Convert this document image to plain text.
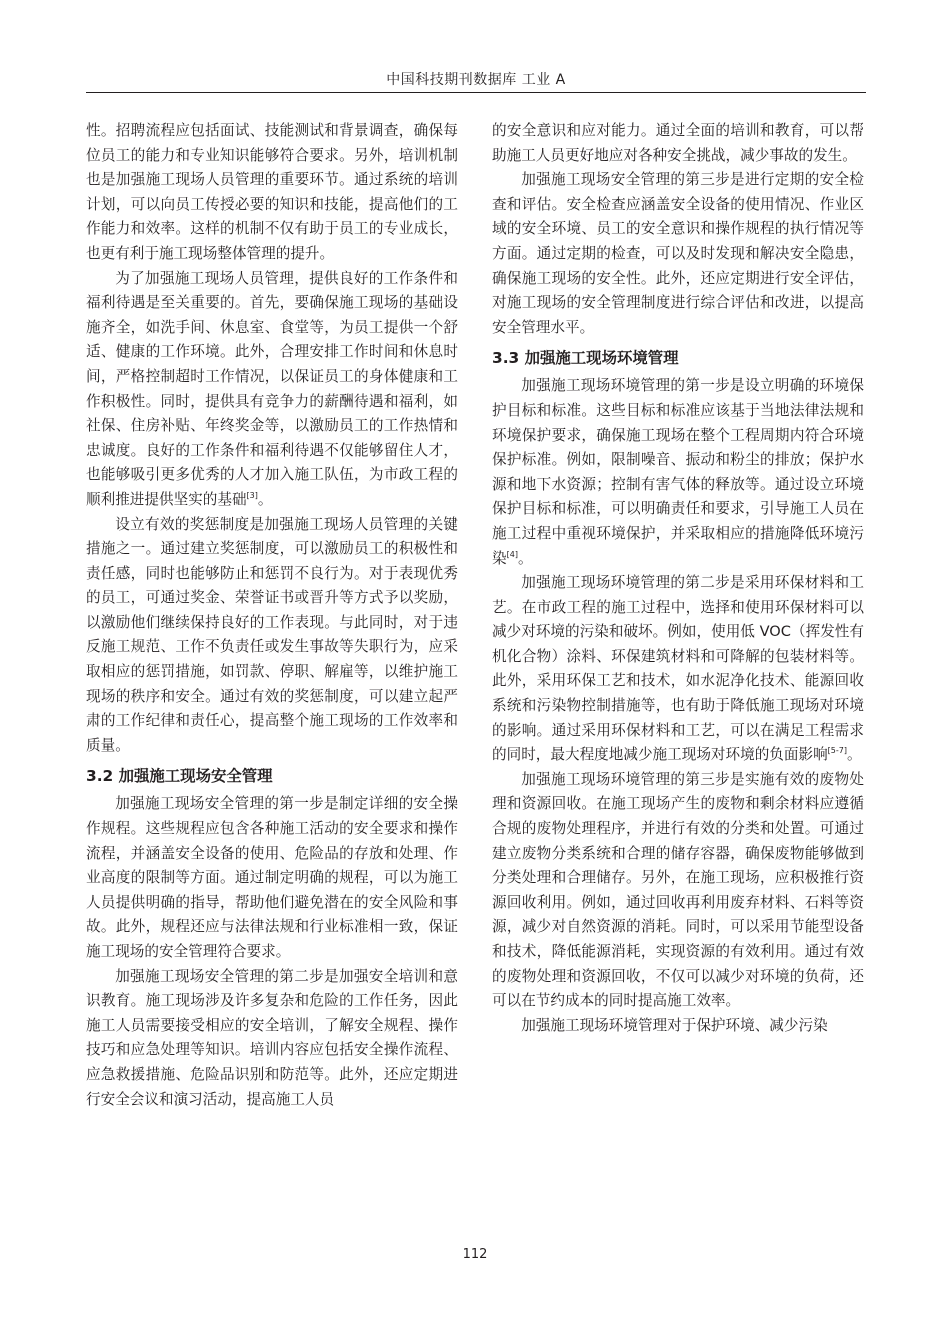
中国科技期刊数据库 工业 A

性。招聘流程应包括面试、技能测试和背景调查，确保每位员工的能力和专业知识能够符合要求。另外，培训机制也是加强施工现场人员管理的重要环节。通过系统的培训计划，可以向员工传授必要的知识和技能，提高他们的工作能力和效率。这样的机制不仅有助于员工的专业成长，也更有利于施工现场整体管理的提升。

为了加强施工现场人员管理，提供良好的工作条件和福利待遇是至关重要的。首先，要确保施工现场的基础设施齐全，如洗手间、休息室、食堂等，为员工提供一个舒适、健康的工作环境。此外，合理安排工作时间和休息时间，严格控制超时工作情况，以保证员工的身体健康和工作积极性。同时，提供具有竞争力的薪酬待遇和福利，如社保、住房补贴、年终奖金等，以激励员工的工作热情和忠诚度。良好的工作条件和福利待遇不仅能够留住人才，也能够吸引更多优秀的人才加入施工队伍，为市政工程的顺利推进提供坚实的基础[3]。

设立有效的奖惩制度是加强施工现场人员管理的关键措施之一。通过建立奖惩制度，可以激励员工的积极性和责任感，同时也能够防止和惩罚不良行为。对于表现优秀的员工，可通过奖金、荣誉证书或晋升等方式予以奖励，以激励他们继续保持良好的工作表现。与此同时，对于违反施工规范、工作不负责任或发生事故等失职行为，应采取相应的惩罚措施，如罚款、停职、解雇等，以维护施工现场的秩序和安全。通过有效的奖惩制度，可以建立起严肃的工作纪律和责任心，提高整个施工现场的工作效率和质量。

3.2 加强施工现场安全管理

加强施工现场安全管理的第一步是制定详细的安全操作规程。这些规程应包含各种施工活动的安全要求和操作流程，并涵盖安全设备的使用、危险品的存放和处理、作业高度的限制等方面。通过制定明确的规程，可以为施工人员提供明确的指导，帮助他们避免潜在的安全风险和事故。此外，规程还应与法律法规和行业标准相一致，保证施工现场的安全管理符合要求。

加强施工现场安全管理的第二步是加强安全培训和意识教育。施工现场涉及许多复杂和危险的工作任务，因此施工人员需要接受相应的安全培训，了解安全规程、操作技巧和应急处理等知识。培训内容应包括安全操作流程、应急救援措施、危险品识别和防范等。此外，还应定期进行安全会议和演习活动，提高施工人员

的安全意识和应对能力。通过全面的培训和教育，可以帮助施工人员更好地应对各种安全挑战，减少事故的发生。

加强施工现场安全管理的第三步是进行定期的安全检查和评估。安全检查应涵盖安全设备的使用情况、作业区域的安全环境、员工的安全意识和操作规程的执行情况等方面。通过定期的检查，可以及时发现和解决安全隐患，确保施工现场的安全性。此外，还应定期进行安全评估，对施工现场的安全管理制度进行综合评估和改进，以提高安全管理水平。

3.3 加强施工现场环境管理

加强施工现场环境管理的第一步是设立明确的环境保护目标和标准。这些目标和标准应该基于当地法律法规和环境保护要求，确保施工现场在整个工程周期内符合环境保护标准。例如，限制噪音、振动和粉尘的排放；保护水源和地下水资源；控制有害气体的释放等。通过设立环境保护目标和标准，可以明确责任和要求，引导施工人员在施工过程中重视环境保护，并采取相应的措施降低环境污染[4]。

加强施工现场环境管理的第二步是采用环保材料和工艺。在市政工程的施工过程中，选择和使用环保材料可以减少对环境的污染和破坏。例如，使用低 VOC（挥发性有机化合物）涂料、环保建筑材料和可降解的包装材料等。此外，采用环保工艺和技术，如水泥净化技术、能源回收系统和污染物控制措施等，也有助于降低施工现场对环境的影响。通过采用环保材料和工艺，可以在满足工程需求的同时，最大程度地减少施工现场对环境的负面影响[5-7]。

加强施工现场环境管理的第三步是实施有效的废物处理和资源回收。在施工现场产生的废物和剩余材料应遵循合规的废物处理程序，并进行有效的分类和处置。可通过建立废物分类系统和合理的储存容器，确保废物能够做到分类处理和合理储存。另外，在施工现场，应积极推行资源回收利用。例如，通过回收再利用废弃材料、石料等资源，减少对自然资源的消耗。同时，可以采用节能型设备和技术，降低能源消耗，实现资源的有效利用。通过有效的废物处理和资源回收，不仅可以减少对环境的负荷，还可以在节约成本的同时提高施工效率。

加强施工现场环境管理对于保护环境、减少污染

112
